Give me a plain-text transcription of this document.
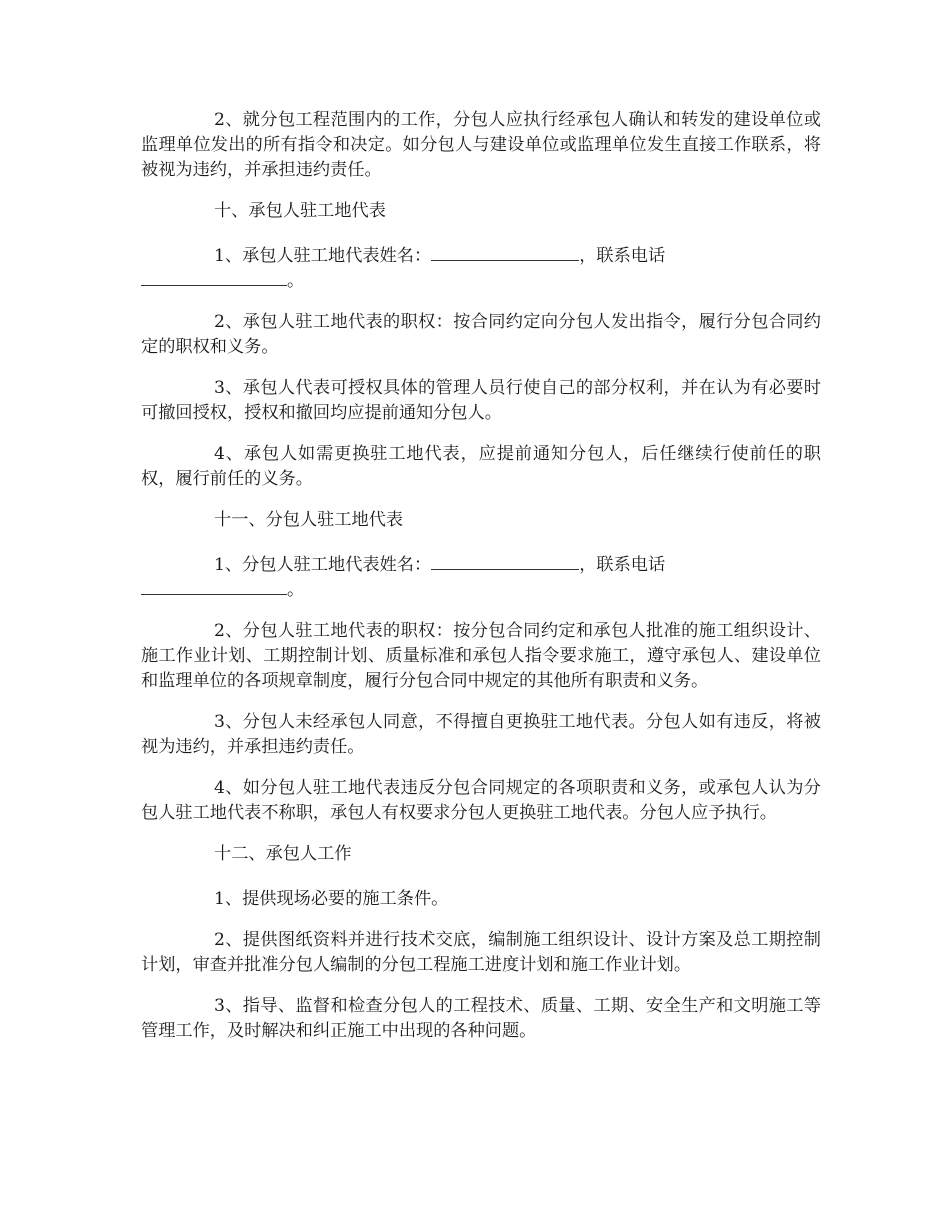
2、就分包工程范围内的工作，分包人应执行经承包人确认和转发的建设单位或监理单位发出的所有指令和决定。如分包人与建设单位或监理单位发生直接工作联系，将被视为违约，并承担违约责任。

十、承包人驻工地代表

1、承包人驻工地代表姓名：	，联系电话
。

2、承包人驻工地代表的职权：按合同约定向分包人发出指令，履行分包合同约定的职权和义务。

3、承包人代表可授权具体的管理人员行使自己的部分权利，并在认为有必要时可撤回授权，授权和撤回均应提前通知分包人。

4、承包人如需更换驻工地代表，应提前通知分包人，后任继续行使前任的职权，履行前任的义务。

十一、分包人驻工地代表

1、分包人驻工地代表姓名：	，联系电话
。

2、分包人驻工地代表的职权：按分包合同约定和承包人批准的施工组织设计、施工作业计划、工期控制计划、质量标准和承包人指令要求施工，遵守承包人、建设单位和监理单位的各项规章制度，履行分包合同中规定的其他所有职责和义务。

3、分包人未经承包人同意，不得擅自更换驻工地代表。分包人如有违反，将被视为违约，并承担违约责任。

4、如分包人驻工地代表违反分包合同规定的各项职责和义务，或承包人认为分包人驻工地代表不称职，承包人有权要求分包人更换驻工地代表。分包人应予执行。

十二、承包人工作

1、提供现场必要的施工条件。

2、提供图纸资料并进行技术交底，编制施工组织设计、设计方案及总工期控制计划，审查并批准分包人编制的分包工程施工进度计划和施工作业计划。

3、指导、监督和检查分包人的工程技术、质量、工期、安全生产和文明施工等管理工作，及时解决和纠正施工中出现的各种问题。
